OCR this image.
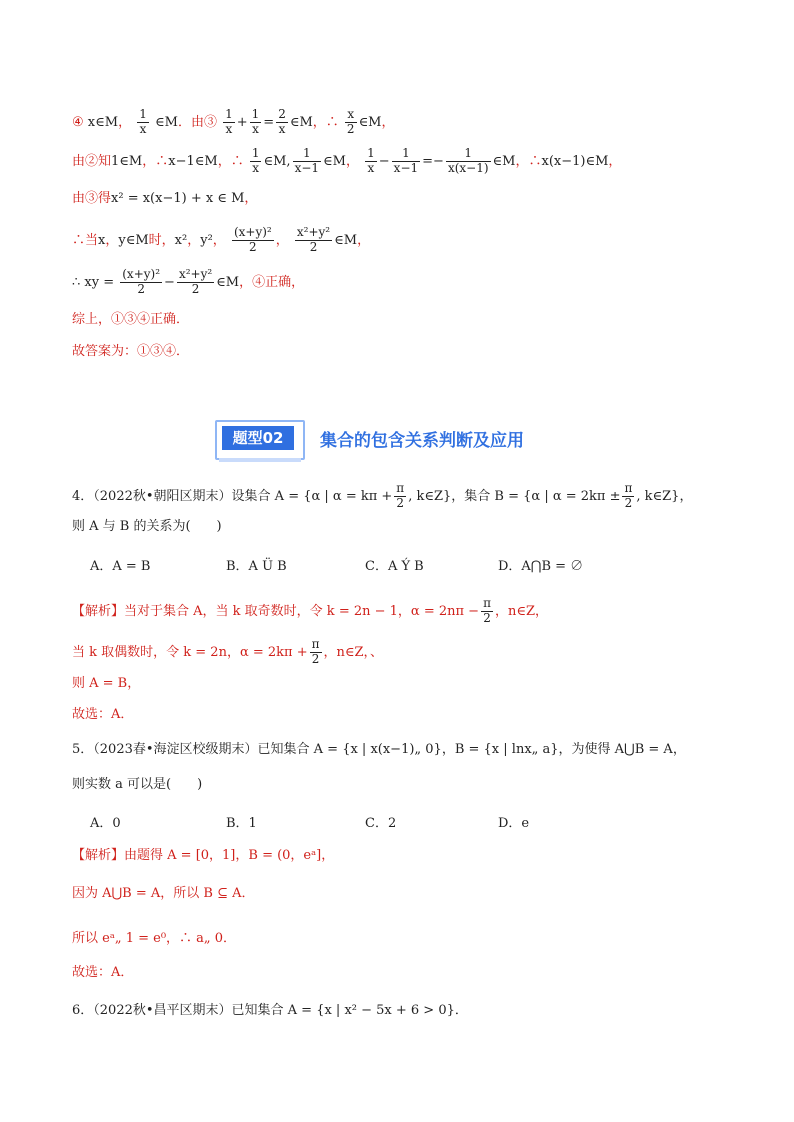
④ x∈M， $\frac{1}{x}$ ∈M．由③ $\frac{1}{x} + \frac{1}{x} = \frac{2}{x}$ ∈M，∴ $\frac{x}{2}$ ∈M，
由②知1∈M，∴x−1∈M，∴ $\frac{1}{x}$ ∈M, $\frac{1}{x-1}$ ∈M， $\frac{1}{x} - \frac{1}{x-1} =- \frac{1}{x(x-1)}$ ∈M，∴x(x−1)∈M，
由③得x² = x(x−1) + x ∈ M，
∴当x，y∈M时，x²，y²， $\frac{\text{(x+y)²}}{2}$ ， $\frac{\text{x²+y²}}{2}$ ∈M，
∴ xy = $\frac{\text{(x+y)²}}{2} - \frac{\text{x²+y²}}{2}$ ∈M，④正确，
综上，①③④正确．
故答案为：①③④．
题型02	集合的包含关系判断及应用
4．（2022秋•朝阳区期末）设集合 A = {α | $\alpha = k\pi + \frac{\pi}{2}$ , k∈Z}，集合 B = {α | $\alpha = 2k\pi \pm \frac{\pi}{2}$ , k∈Z}，
则 A 与 B 的关系为(　　)
A．A = B	B．A Ü B	C．A Ý B	D．A⋂B = ∅
【解析】当对于集合 A，当 k 取奇数时，令 k = 2n − 1，$\alpha = 2n\pi - \frac{\pi}{2}$ ，n∈Z，
当 k 取偶数时，令 k = 2n，$\alpha = 2k\pi + \frac{\pi}{2}$ ，n∈Z，、
则 A = B，
故选：A．
5．（2023春•海淀区校级期末）已知集合 A = {x | x(x−1)„ 0}，B = {x | lnx„ a}，为使得 A⋃B = A，
则实数 a 可以是(　　)
A．0	B．1	C．2	D．e
【解析】由题得 A = [0，1]，B = (0，eᵃ]，
因为 A⋃B = A，所以 B ⊆ A．
所以 eᵃ„ 1 = e⁰，∴ a„ 0．
故选：A．
6．（2022秋•昌平区期末）已知集合 A = {x | x² − 5x + 6 > 0}．
